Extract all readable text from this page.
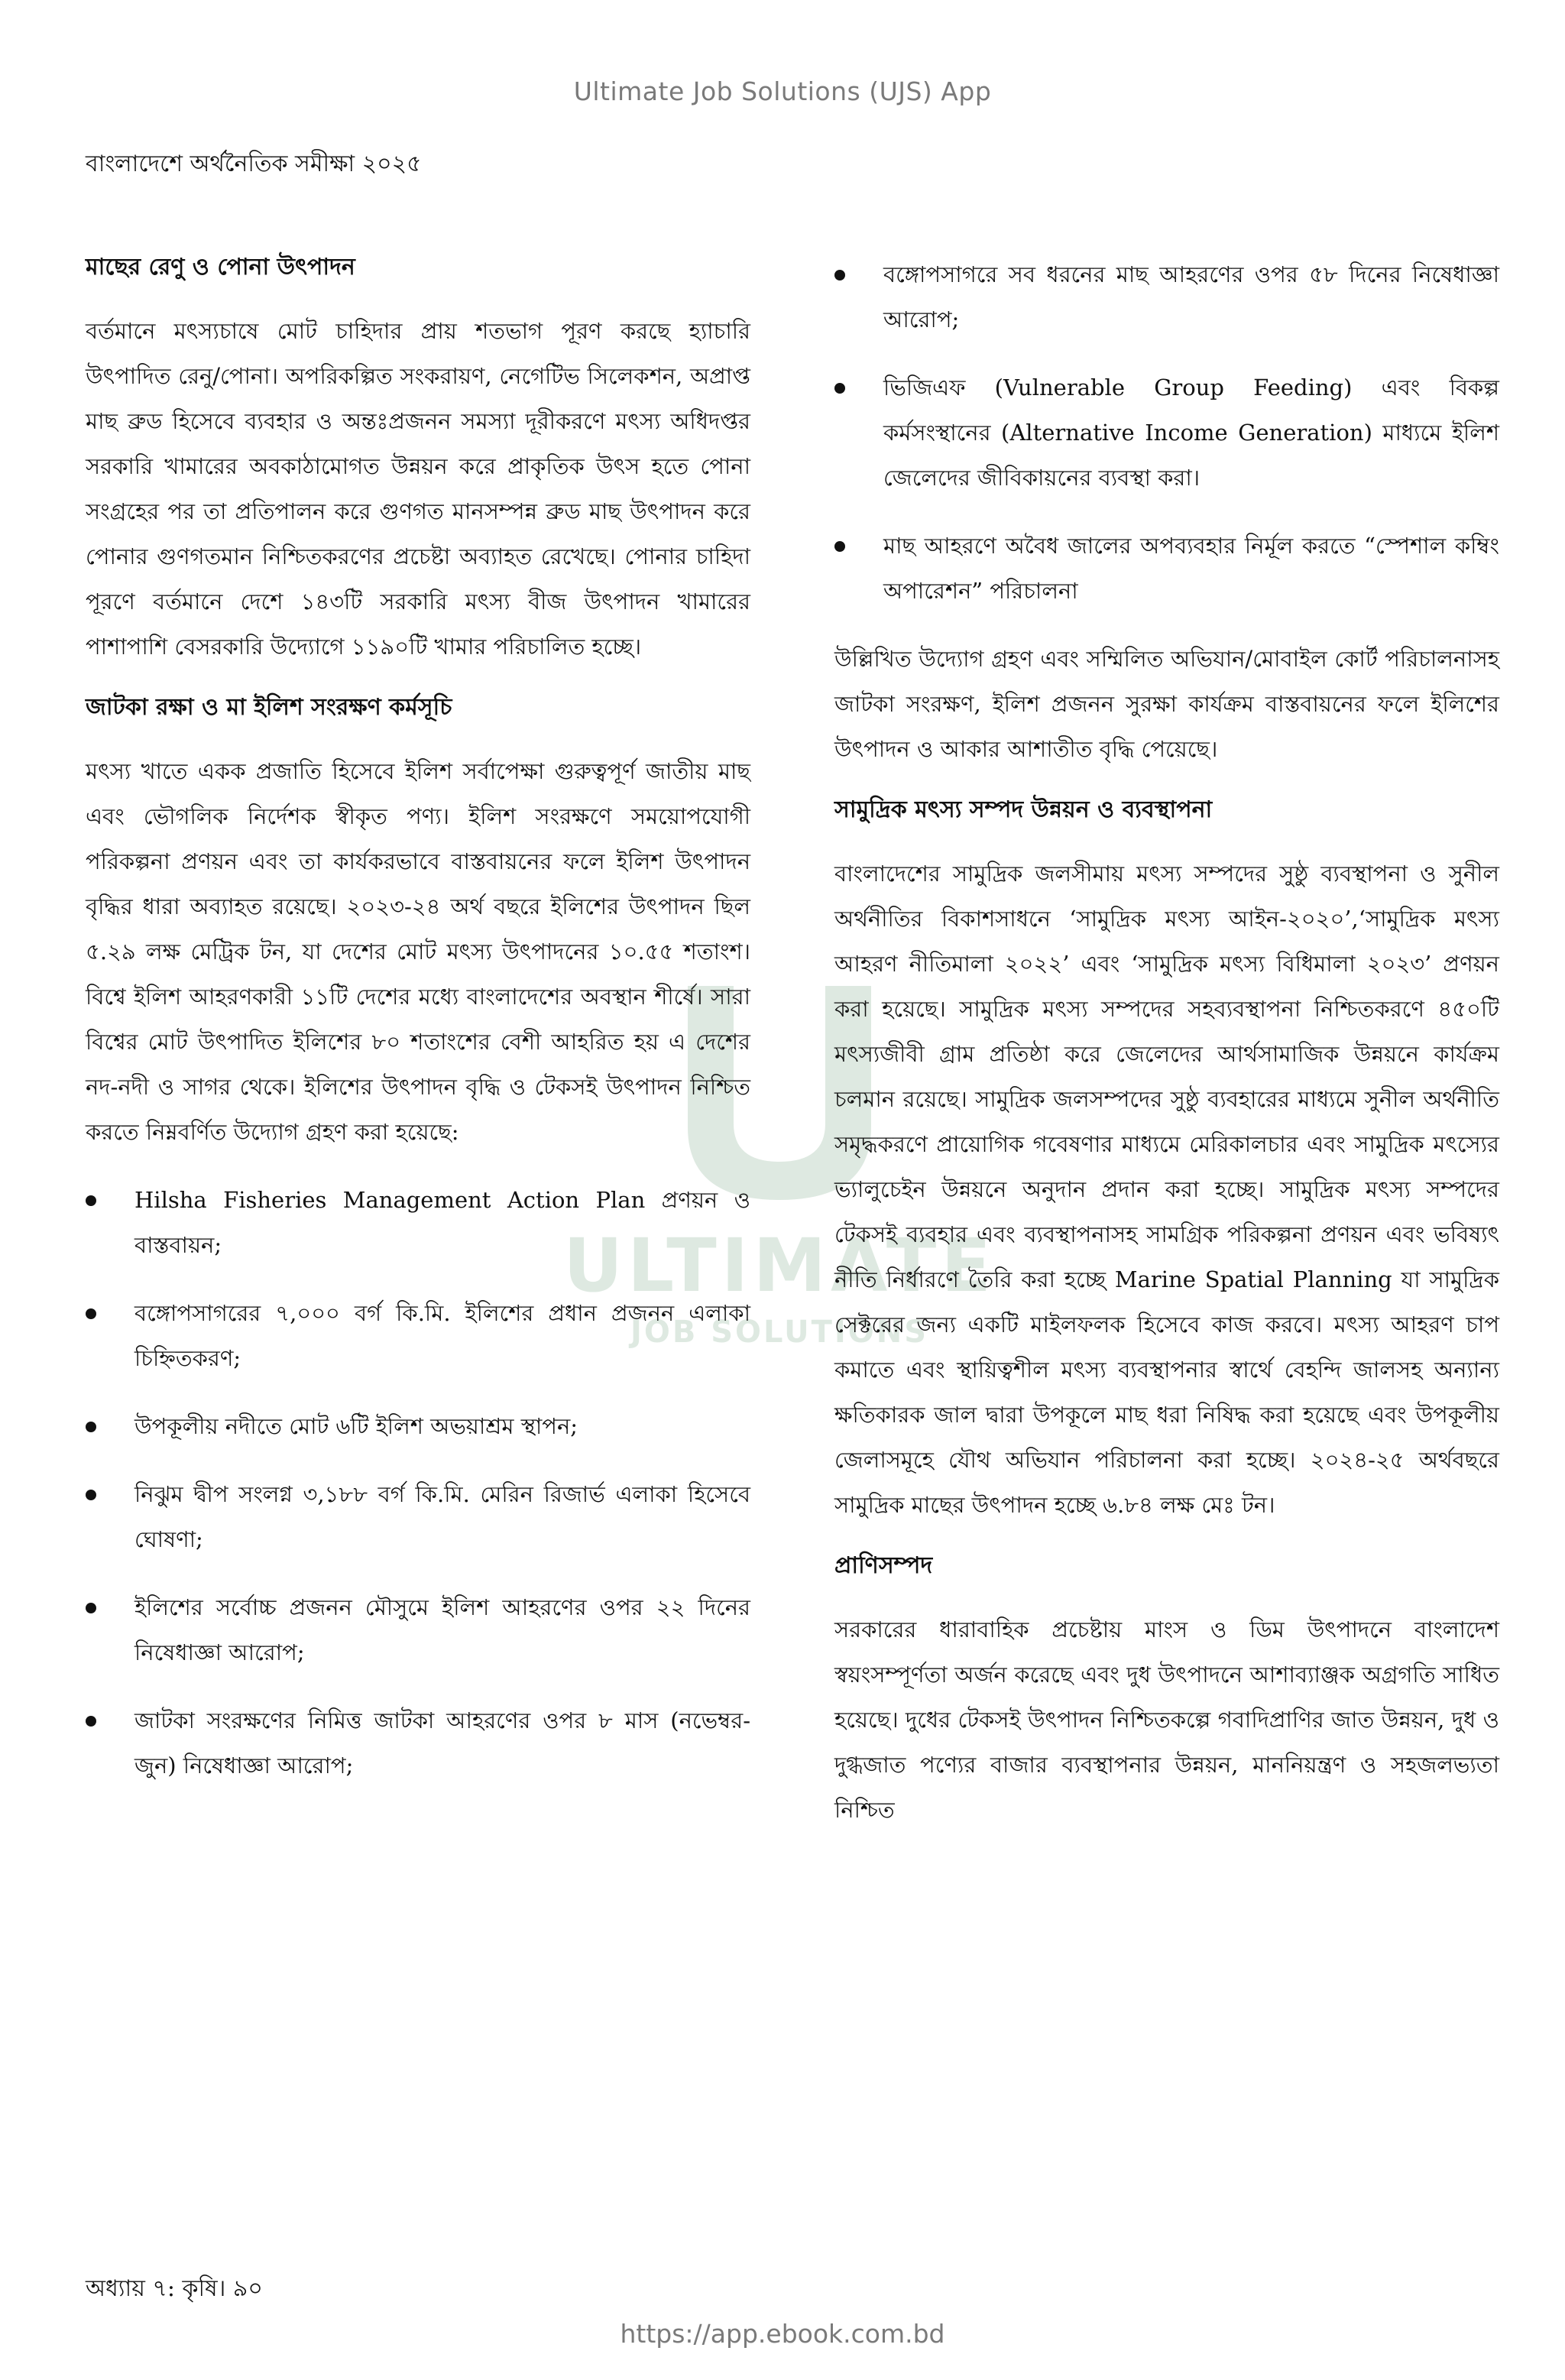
Ultimate Job Solutions (UJS) App
বাংলাদেশে অর্থনৈতিক সমীক্ষা ২০২৫
ULTIMATE
JOB SOLUTIONS
মাছের রেণু ও পোনা উৎপাদন

বর্তমানে মৎস্যচাষে মোট চাহিদার প্রায় শতভাগ পূরণ করছে হ্যাচারি উৎপাদিত রেনু/পোনা। অপরিকল্পিত সংকরায়ণ, নেগেটিভ সিলেকশন, অপ্রাপ্ত মাছ ব্রুড হিসেবে ব্যবহার ও অন্তঃপ্রজনন সমস্যা দূরীকরণে মৎস্য অধিদপ্তর সরকারি খামারের অবকাঠামোগত উন্নয়ন করে প্রাকৃতিক উৎস হতে পোনা সংগ্রহের পর তা প্রতিপালন করে গুণগত মানসম্পন্ন ব্রুড মাছ উৎপাদন করে পোনার গুণগতমান নিশ্চিতকরণের প্রচেষ্টা অব্যাহত রেখেছে। পোনার চাহিদা পূরণে বর্তমানে দেশে ১৪৩টি সরকারি মৎস্য বীজ উৎপাদন খামারের পাশাপাশি বেসরকারি উদ্যোগে ১১৯০টি খামার পরিচালিত হচ্ছে।

জাটকা রক্ষা ও মা ইলিশ সংরক্ষণ কর্মসূচি

মৎস্য খাতে একক প্রজাতি হিসেবে ইলিশ সর্বাপেক্ষা গুরুত্বপূর্ণ জাতীয় মাছ এবং ভৌগলিক নির্দেশক স্বীকৃত পণ্য। ইলিশ সংরক্ষণে সময়োপযোগী পরিকল্পনা প্রণয়ন এবং তা কার্যকরভাবে বাস্তবায়নের ফলে ইলিশ উৎপাদন বৃদ্ধির ধারা অব্যাহত রয়েছে। ২০২৩-২৪ অর্থ বছরে ইলিশের উৎপাদন ছিল ৫.২৯ লক্ষ মেট্রিক টন, যা দেশের মোট মৎস্য উৎপাদনের ১০.৫৫ শতাংশ। বিশ্বে ইলিশ আহরণকারী ১১টি দেশের মধ্যে বাংলাদেশের অবস্থান শীর্ষে। সারা বিশ্বের মোট উৎপাদিত ইলিশের ৮০ শতাংশের বেশী আহরিত হয় এ দেশের নদ-নদী ও সাগর থেকে। ইলিশের উৎপাদন বৃদ্ধি ও টেকসই উৎপাদন নিশ্চিত করতে নিম্নবর্ণিত উদ্যোগ গ্রহণ করা হয়েছে:

Hilsha Fisheries Management Action Plan প্রণয়ন ও বাস্তবায়ন;
বঙ্গোপসাগরের ৭,০০০ বর্গ কি.মি. ইলিশের প্রধান প্রজনন এলাকা চিহ্নিতকরণ;
উপকূলীয় নদীতে মোট ৬টি ইলিশ অভয়াশ্রম স্থাপন;
নিঝুম দ্বীপ সংলগ্ন ৩,১৮৮ বর্গ কি.মি. মেরিন রিজার্ভ এলাকা হিসেবে ঘোষণা;
ইলিশের সর্বোচ্চ প্রজনন মৌসুমে ইলিশ আহরণের ওপর ২২ দিনের নিষেধাজ্ঞা আরোপ;
জাটকা সংরক্ষণের নিমিত্ত জাটকা আহরণের ওপর ৮ মাস (নভেম্বর-জুন) নিষেধাজ্ঞা আরোপ;
বঙ্গোপসাগরে সব ধরনের মাছ আহরণের ওপর ৫৮ দিনের নিষেধাজ্ঞা আরোপ;
ভিজিএফ (Vulnerable Group Feeding) এবং বিকল্প কর্মসংস্থানের (Alternative Income Generation) মাধ্যমে ইলিশ জেলেদের জীবিকায়নের ব্যবস্থা করা।
মাছ আহরণে অবৈধ জালের অপব্যবহার নির্মূল করতে “স্পেশাল কম্বিং অপারেশন” পরিচালনা

উল্লিখিত উদ্যোগ গ্রহণ এবং সম্মিলিত অভিযান/মোবাইল কোর্ট পরিচালনাসহ জাটকা সংরক্ষণ, ইলিশ প্রজনন সুরক্ষা কার্যক্রম বাস্তবায়নের ফলে ইলিশের উৎপাদন ও আকার আশাতীত বৃদ্ধি পেয়েছে।

সামুদ্রিক মৎস্য সম্পদ উন্নয়ন ও ব্যবস্থাপনা

বাংলাদেশের সামুদ্রিক জলসীমায় মৎস্য সম্পদের সুষ্ঠু ব্যবস্থাপনা ও সুনীল অর্থনীতির বিকাশসাধনে ‘সামুদ্রিক মৎস্য আইন-২০২০’,‘সামুদ্রিক মৎস্য আহরণ নীতিমালা ২০২২’ এবং ‘সামুদ্রিক মৎস্য বিধিমালা ২০২৩’ প্রণয়ন করা হয়েছে। সামুদ্রিক মৎস্য সম্পদের সহব্যবস্থাপনা নিশ্চিতকরণে ৪৫০টি মৎস্যজীবী গ্রাম প্রতিষ্ঠা করে জেলেদের আর্থসামাজিক উন্নয়নে কার্যক্রম চলমান রয়েছে। সামুদ্রিক জলসম্পদের সুষ্ঠু ব্যবহারের মাধ্যমে সুনীল অর্থনীতি সমৃদ্ধকরণে প্রায়োগিক গবেষণার মাধ্যমে মেরিকালচার এবং সামুদ্রিক মৎস্যের ভ্যালুচেইন উন্নয়নে অনুদান প্রদান করা হচ্ছে। সামুদ্রিক মৎস্য সম্পদের টেকসই ব্যবহার এবং ব্যবস্থাপনাসহ সামগ্রিক পরিকল্পনা প্রণয়ন এবং ভবিষ্যৎ নীতি নির্ধারণে তৈরি করা হচ্ছে Marine Spatial Planning যা সামুদ্রিক সেক্টরের জন্য একটি মাইলফলক হিসেবে কাজ করবে। মৎস্য আহরণ চাপ কমাতে এবং স্থায়িত্বশীল মৎস্য ব্যবস্থাপনার স্বার্থে বেহন্দি জালসহ অন্যান্য ক্ষতিকারক জাল দ্বারা উপকূলে মাছ ধরা নিষিদ্ধ করা হয়েছে এবং উপকূলীয় জেলাসমূহে যৌথ অভিযান পরিচালনা করা হচ্ছে। ২০২৪-২৫ অর্থবছরে সামুদ্রিক মাছের উৎপাদন হচ্ছে ৬.৮৪ লক্ষ মেঃ টন।

প্রাণিসম্পদ

সরকারের ধারাবাহিক প্রচেষ্টায় মাংস ও ডিম উৎপাদনে বাংলাদেশ স্বয়ংসম্পূর্ণতা অর্জন করেছে এবং দুধ উৎপাদনে আশাব্যাঞ্জক অগ্রগতি সাধিত হয়েছে। দুধের টেকসই উৎপাদন নিশ্চিতকল্পে গবাদিপ্রাণির জাত উন্নয়ন, দুধ ও দুগ্ধজাত পণ্যের বাজার ব্যবস্থাপনার উন্নয়ন, মাননিয়ন্ত্রণ ও সহজলভ্যতা নিশ্চিত

অধ্যায় ৭: কৃষি। ৯০
https://app.ebook.com.bd
